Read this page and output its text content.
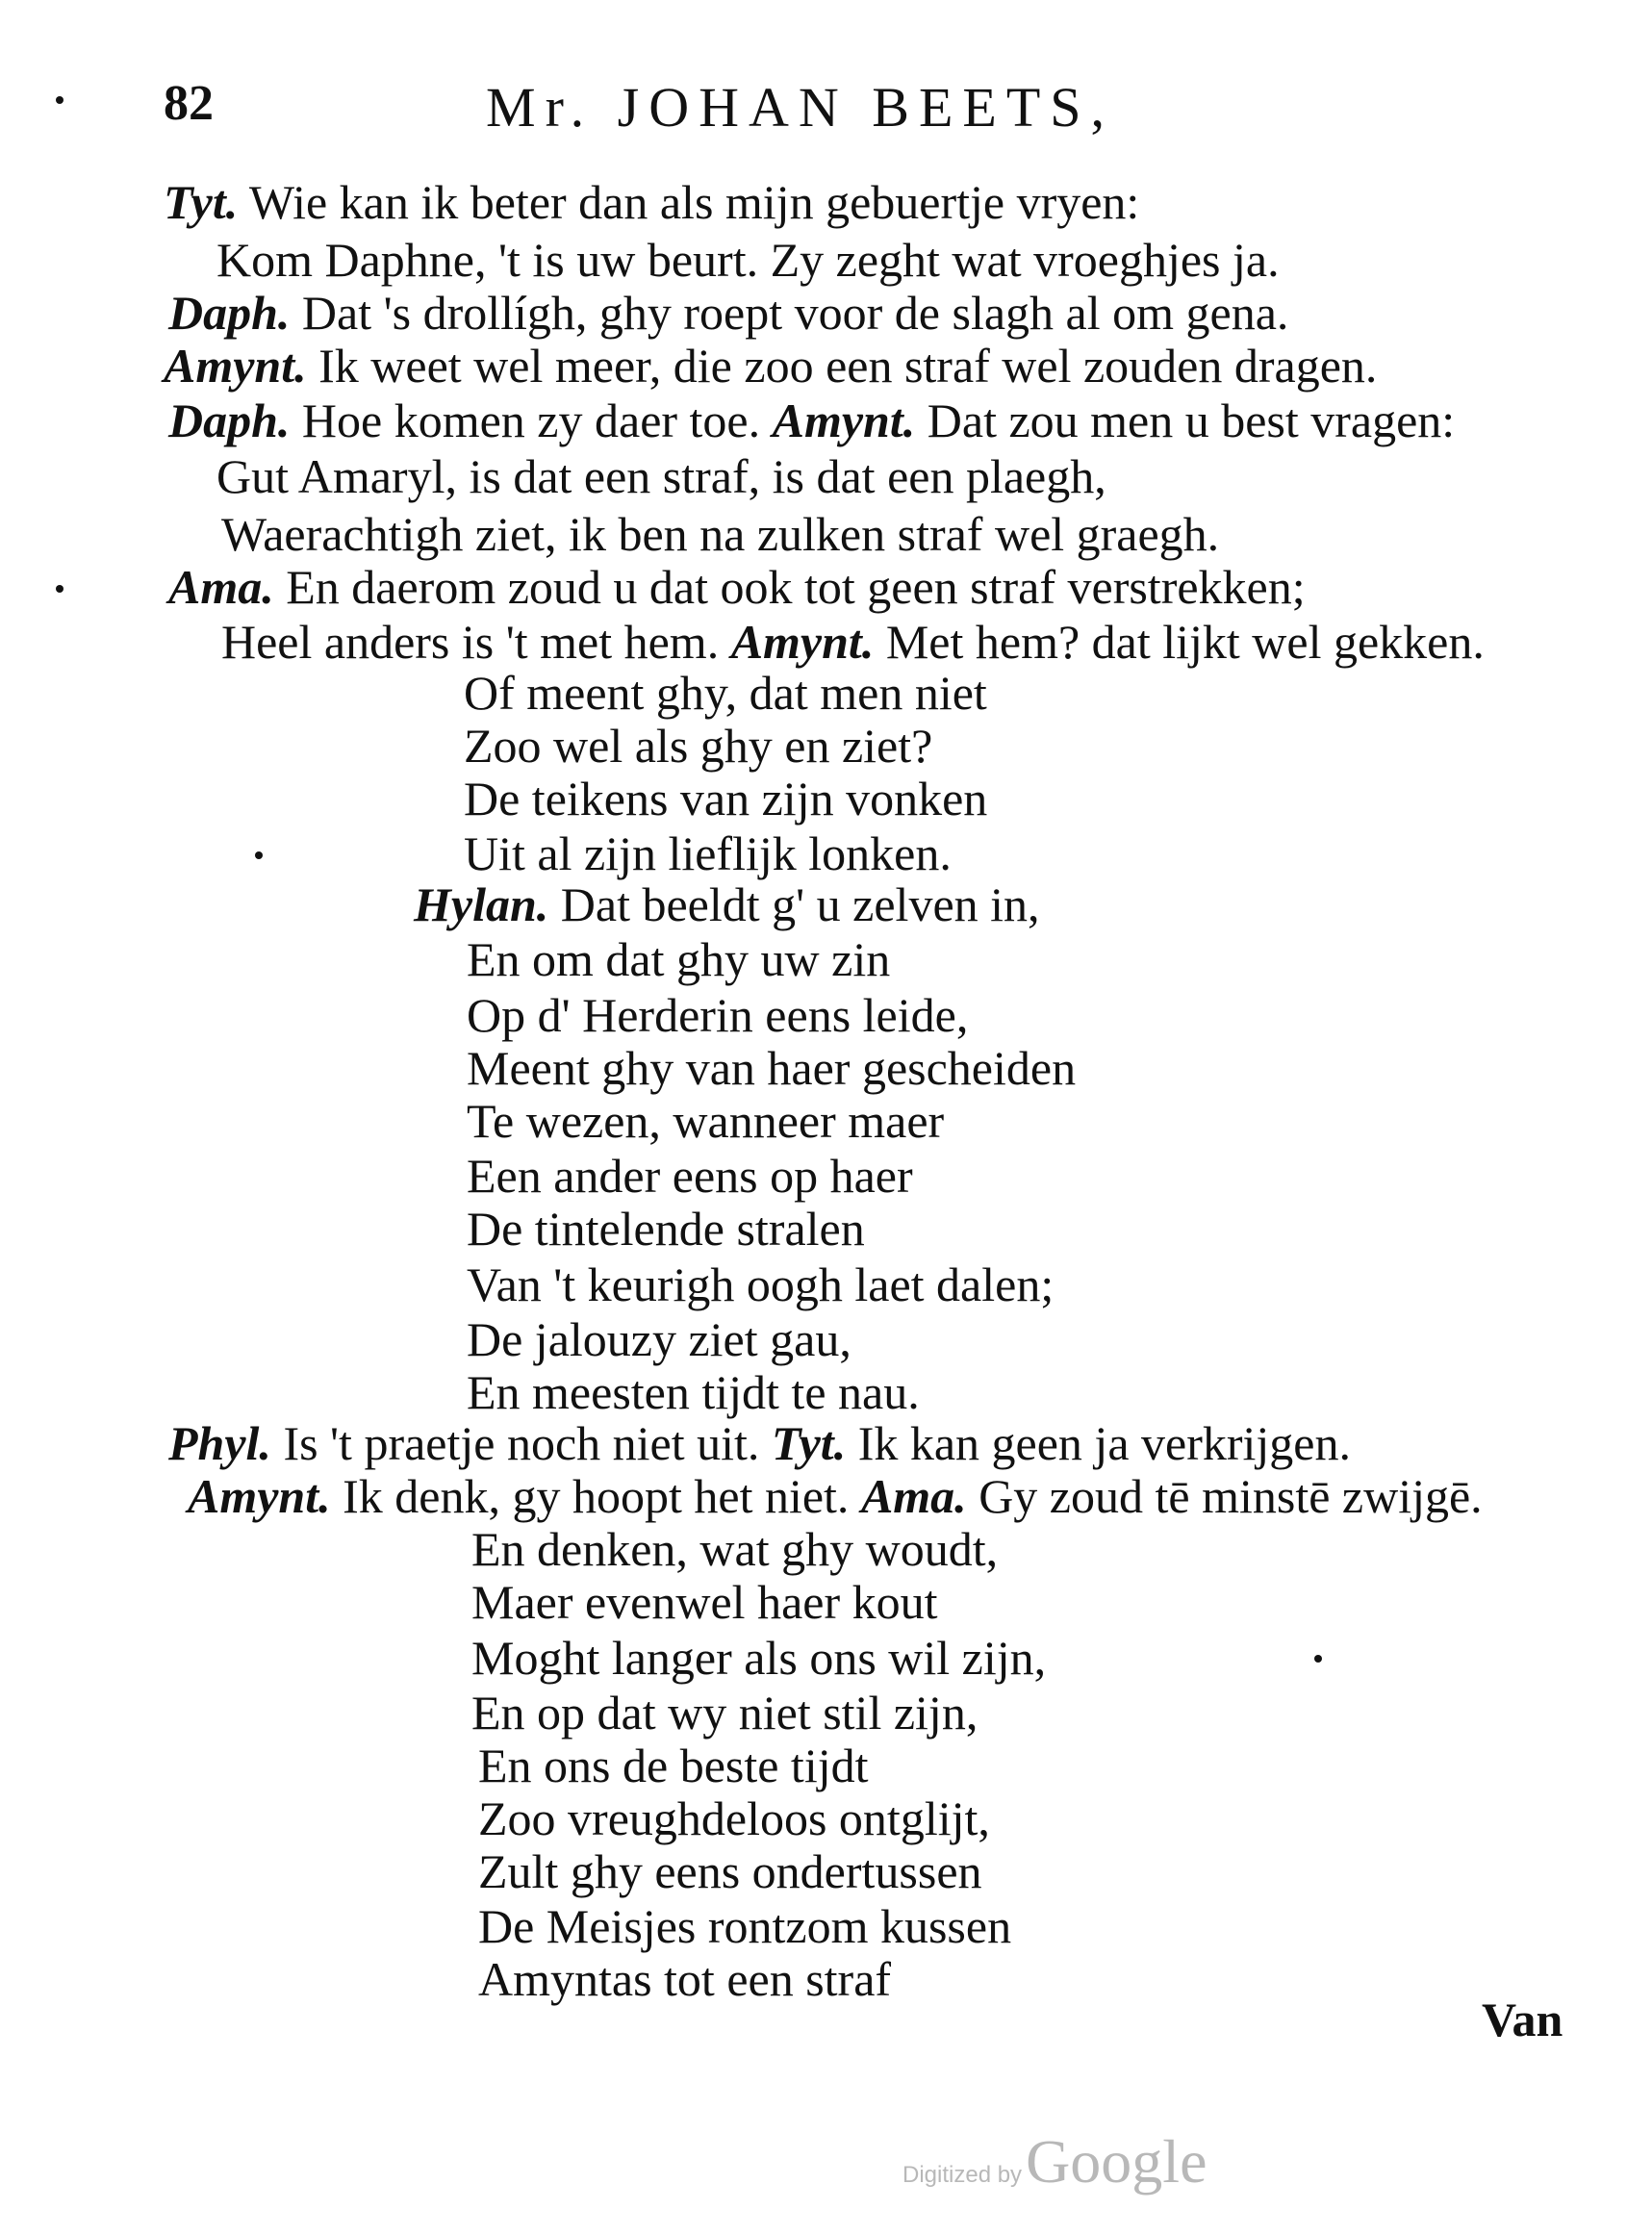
82	Mr. JOHAN BEETS,
Tyt. Wie kan ik beter dan als mijn gebuertje vryen:
Kom Daphne, 't is uw beurt. Zy zeght wat vroeghjes ja.
Daph. Dat 's drollígh, ghy roept voor de slagh al om gena.
Amynt. Ik weet wel meer, die zoo een straf wel zouden dragen.
Daph. Hoe komen zy daer toe. Amynt. Dat zou men u best vragen:
Gut Amaryl, is dat een straf, is dat een plaegh,
Waerachtigh ziet, ik ben na zulken straf wel graegh.
Ama. En daerom zoud u dat ook tot geen straf verstrekken;
Heel anders is 't met hem. Amynt. Met hem? dat lijkt wel gekken.
Of meent ghy, dat men niet
Zoo wel als ghy en ziet?
De teikens van zijn vonken
Uit al zijn lieflijk lonken.
Hylan. Dat beeldt g' u zelven in,
En om dat ghy uw zin
Op d' Herderin eens leide,
Meent ghy van haer gescheiden
Te wezen, wanneer maer
Een ander eens op haer
De tintelende stralen
Van 't keurigh oogh laet dalen;
De jalouzy ziet gau,
En meesten tijdt te nau.
Phyl. Is 't praetje noch niet uit. Tyt. Ik kan geen ja verkrijgen.
Amynt. Ik denk, gy hoopt het niet. Ama. Gy zoud tē minstē zwijgē.
En denken, wat ghy woudt,
Maer evenwel haer kout
Moght langer als ons wil zijn,
En op dat wy niet stil zijn,
En ons de beste tijdt
Zoo vreughdeloos ontglijt,
Zult ghy eens ondertussen
De Meisjes rontzom kussen
Amyntas tot een straf
Van
Digitized by Google
